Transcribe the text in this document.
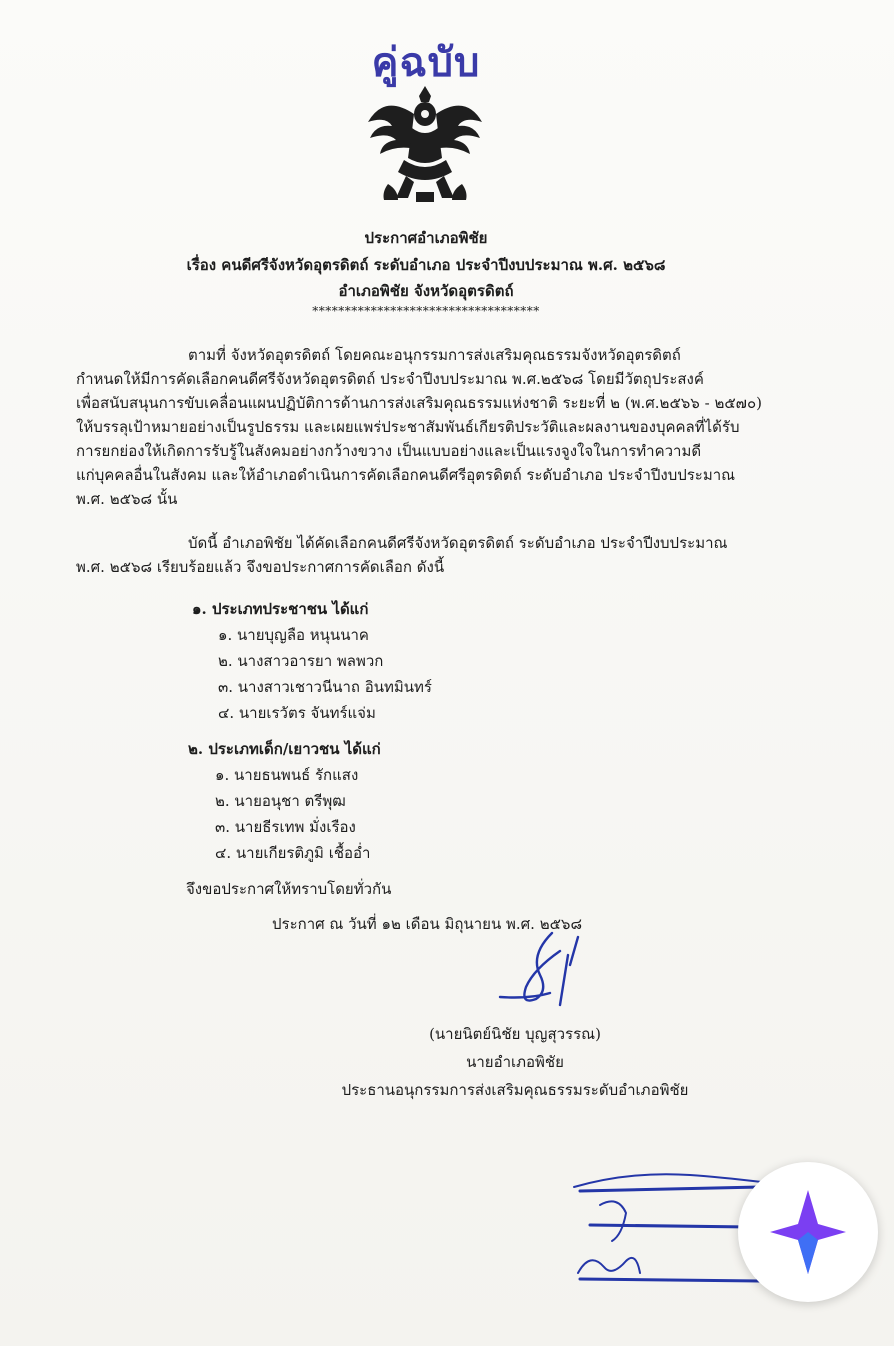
คู่ฉบับ
ประกาศอำเภอพิชัย
เรื่อง คนดีศรีจังหวัดอุตรดิตถ์ ระดับอำเภอ ประจำปีงบประมาณ พ.ศ. ๒๕๖๘
อำเภอพิชัย จังหวัดอุตรดิตถ์
***********************************
ตามที่ จังหวัดอุตรดิตถ์ โดยคณะอนุกรรมการส่งเสริมคุณธรรมจังหวัดอุตรดิตถ์
กำหนดให้มีการคัดเลือกคนดีศรีจังหวัดอุตรดิตถ์ ประจำปีงบประมาณ พ.ศ.๒๕๖๘ โดยมีวัตถุประสงค์
เพื่อสนับสนุนการขับเคลื่อนแผนปฏิบัติการด้านการส่งเสริมคุณธรรมแห่งชาติ ระยะที่ ๒ (พ.ศ.๒๕๖๖ - ๒๕๗๐)
ให้บรรลุเป้าหมายอย่างเป็นรูปธรรม และเผยแพร่ประชาสัมพันธ์เกียรติประวัติและผลงานของบุคคลที่ได้รับ
การยกย่องให้เกิดการรับรู้ในสังคมอย่างกว้างขวาง เป็นแบบอย่างและเป็นแรงจูงใจในการทำความดี
แก่บุคคลอื่นในสังคม และให้อำเภอดำเนินการคัดเลือกคนดีศรีอุตรดิตถ์ ระดับอำเภอ ประจำปีงบประมาณ
พ.ศ. ๒๕๖๘ นั้น
บัดนี้ อำเภอพิชัย ได้คัดเลือกคนดีศรีจังหวัดอุตรดิตถ์ ระดับอำเภอ ประจำปีงบประมาณ
พ.ศ. ๒๕๖๘ เรียบร้อยแล้ว จึงขอประกาศการคัดเลือก ดังนี้
๑. ประเภทประชาชน ได้แก่
๑. นายบุญลือ หนุนนาค
๒. นางสาวอารยา พลพวก
๓. นางสาวเชาวนีนาถ อินทมินทร์
๔. นายเรวัตร จันทร์แจ่ม
๒. ประเภทเด็ก/เยาวชน ได้แก่
๑. นายธนพนธ์ รักแสง
๒. นายอนุชา ตรีพุฒ
๓. นายธีรเทพ มั่งเรือง
๔. นายเกียรติภูมิ เชื้ออ่ำ
จึงขอประกาศให้ทราบโดยทั่วกัน
ประกาศ ณ วันที่ ๑๒ เดือน มิถุนายน พ.ศ. ๒๕๖๘
(นายนิตย์นิชัย บุญสุวรรณ)
นายอำเภอพิชัย
ประธานอนุกรรมการส่งเสริมคุณธรรมระดับอำเภอพิชัย
